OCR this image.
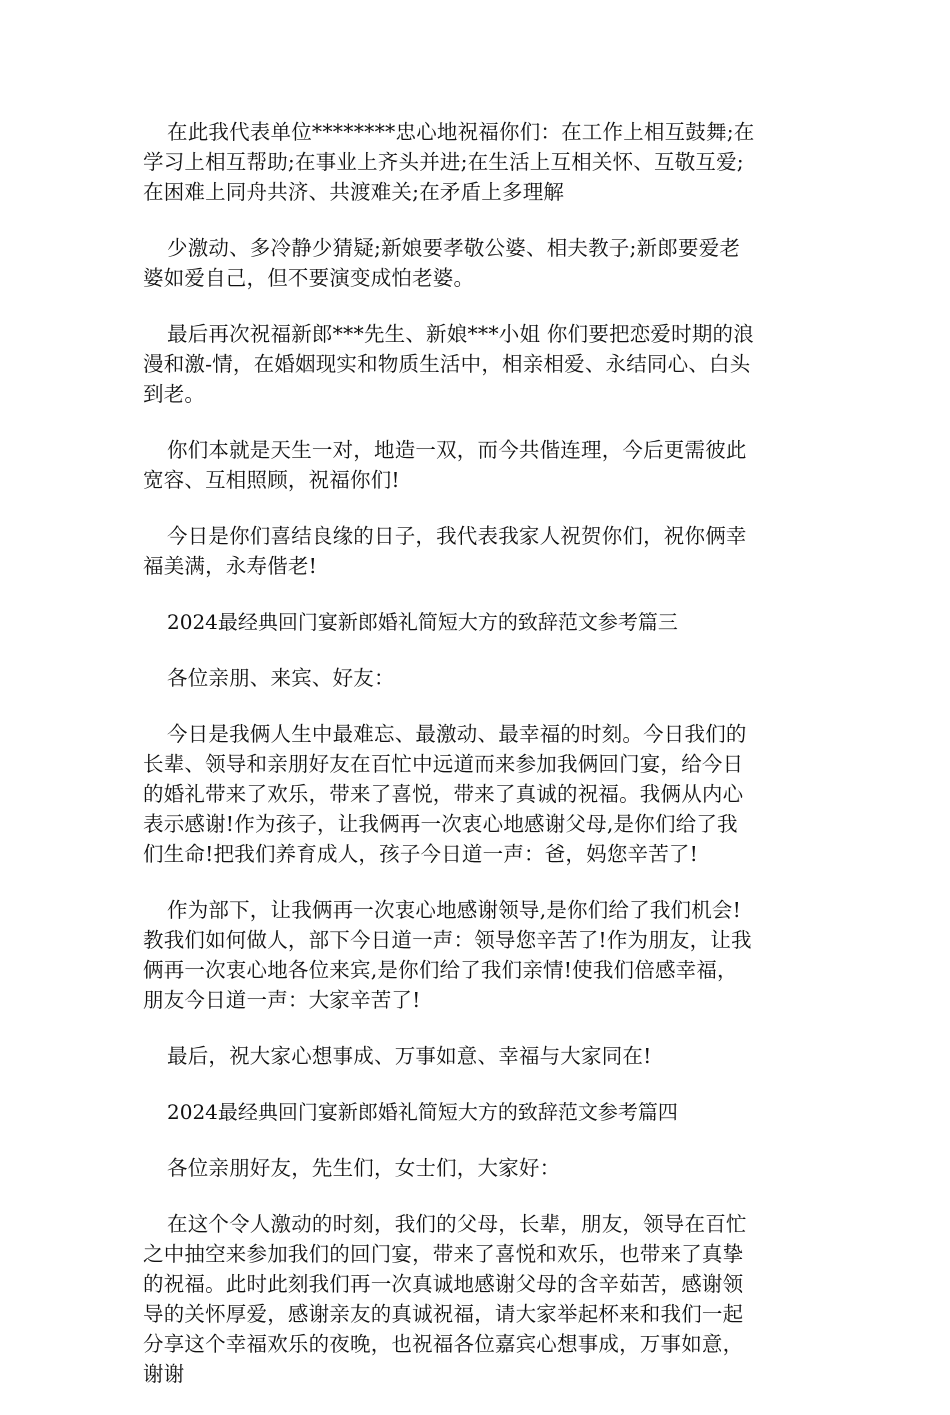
在此我代表单位********忠心地祝福你们：在工作上相互鼓舞;在
学习上相互帮助;在事业上齐头并进;在生活上互相关怀、互敬互爱;
在困难上同舟共济、共渡难关;在矛盾上多理解

少激动、多冷静少猜疑;新娘要孝敬公婆、相夫教子;新郎要爱老
婆如爱自己，但不要演变成怕老婆。

最后再次祝福新郎***先生、新娘***小姐 你们要把恋爱时期的浪
漫和激-情，在婚姻现实和物质生活中，相亲相爱、永结同心、白头
到老。

你们本就是天生一对，地造一双，而今共偕连理，今后更需彼此
宽容、互相照顾，祝福你们!

今日是你们喜结良缘的日子，我代表我家人祝贺你们，祝你俩幸
福美满，永寿偕老!

2024最经典回门宴新郎婚礼简短大方的致辞范文参考篇三

各位亲朋、来宾、好友：

今日是我俩人生中最难忘、最激动、最幸福的时刻。今日我们的
长辈、领导和亲朋好友在百忙中远道而来参加我俩回门宴，给今日
的婚礼带来了欢乐，带来了喜悦，带来了真诚的祝福。我俩从内心
表示感谢!作为孩子，让我俩再一次衷心地感谢父母,是你们给了我
们生命!把我们养育成人，孩子今日道一声：爸，妈您辛苦了!

作为部下，让我俩再一次衷心地感谢领导,是你们给了我们机会!
教我们如何做人，部下今日道一声：领导您辛苦了!作为朋友，让我
俩再一次衷心地各位来宾,是你们给了我们亲情!使我们倍感幸福，
朋友今日道一声：大家辛苦了!

最后，祝大家心想事成、万事如意、幸福与大家同在!

2024最经典回门宴新郎婚礼简短大方的致辞范文参考篇四

各位亲朋好友，先生们，女士们，大家好：

在这个令人激动的时刻，我们的父母，长辈，朋友，领导在百忙
之中抽空来参加我们的回门宴，带来了喜悦和欢乐，也带来了真挚
的祝福。此时此刻我们再一次真诚地感谢父母的含辛茹苦，感谢领
导的关怀厚爱，感谢亲友的真诚祝福，请大家举起杯来和我们一起
分享这个幸福欢乐的夜晚，也祝福各位嘉宾心想事成，万事如意，
谢谢
